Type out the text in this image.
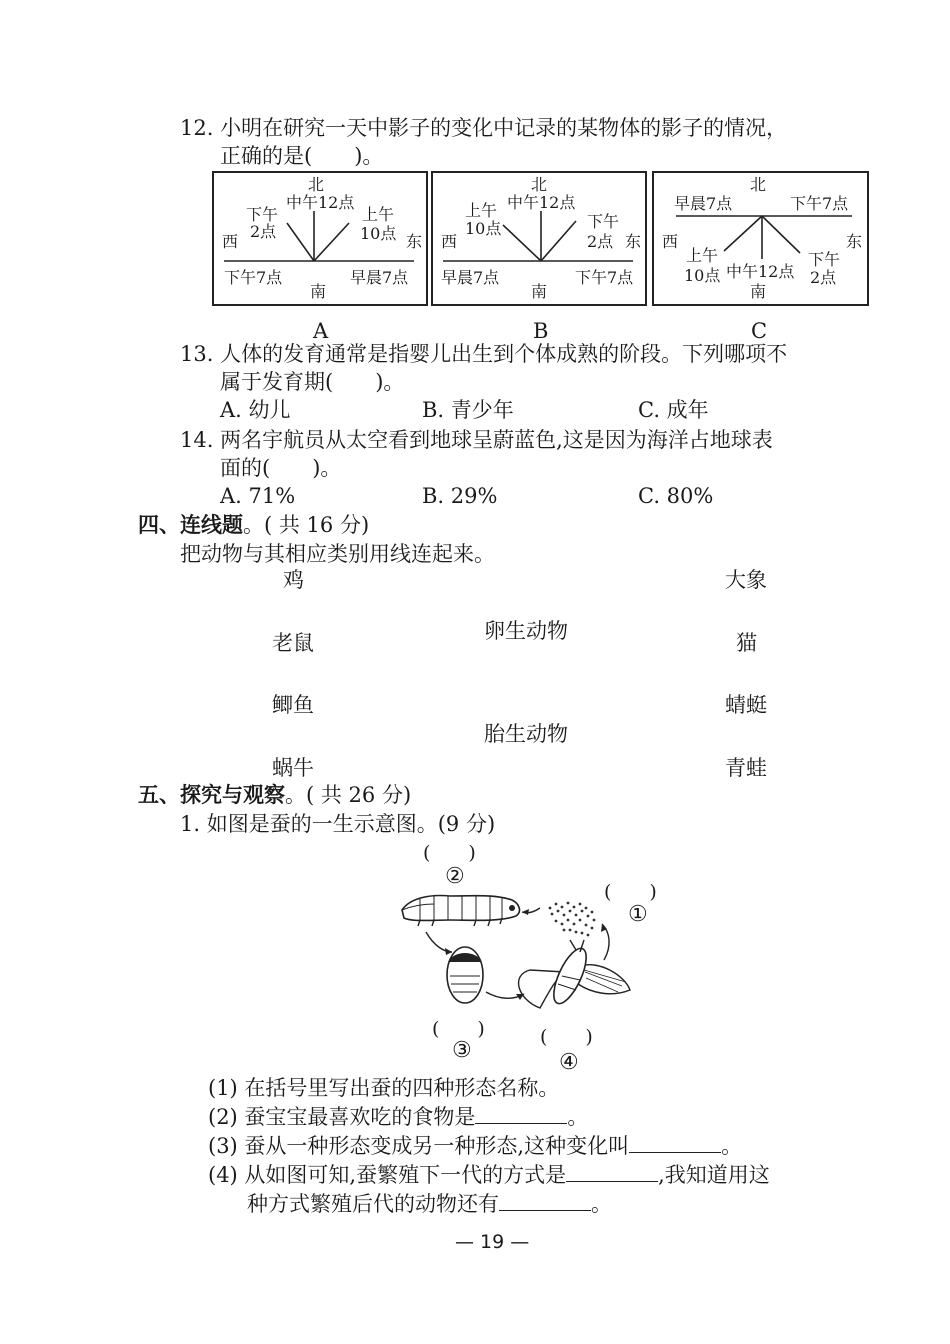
12. 小明在研究一天中影子的变化中记录的某物体的影子的情况，
正确的是(　　)。
北
中午12点
下午
2点
上午
10点
西	东
下午7点	早晨7点
南
北
中午12点
上午
10点	下午
2点
西	东
早晨7点	下午7点
南
北
早晨7点	下午7点
西	东
上午
10点 中午12点
南
下午
2点
A	B	C
13. 人体的发育通常是指婴儿出生到个体成熟的阶段。下列哪项不
属于发育期(　　)。
A. 幼儿	B. 青少年	C. 成年
14. 两名宇航员从太空看到地球呈蔚蓝色,这是因为海洋占地球表
面的(　　)。
A. 71%	B. 29%	C. 80%
四、连线题。( 共 16 分)
把动物与其相应类别用线连起来。
鸡
老鼠
鲫鱼
蜗牛
卵生动物
胎生动物
大象
猫
蜻蜓
青蛙
五、探究与观察。( 共 26 分)
1. 如图是蚕的一生示意图。(9 分)
(　　)
②
(　　)
①
(　　)
③
(　　)
④
(1) 在括号里写出蚕的四种形态名称。
(2) 蚕宝宝最喜欢吃的食物是	。
(3) 蚕从一种形态变成另一种形态,这种变化叫	。
(4) 从如图可知,蚕繁殖下一代的方式是	,我知道用这
种方式繁殖后代的动物还有	。
— 19 —
